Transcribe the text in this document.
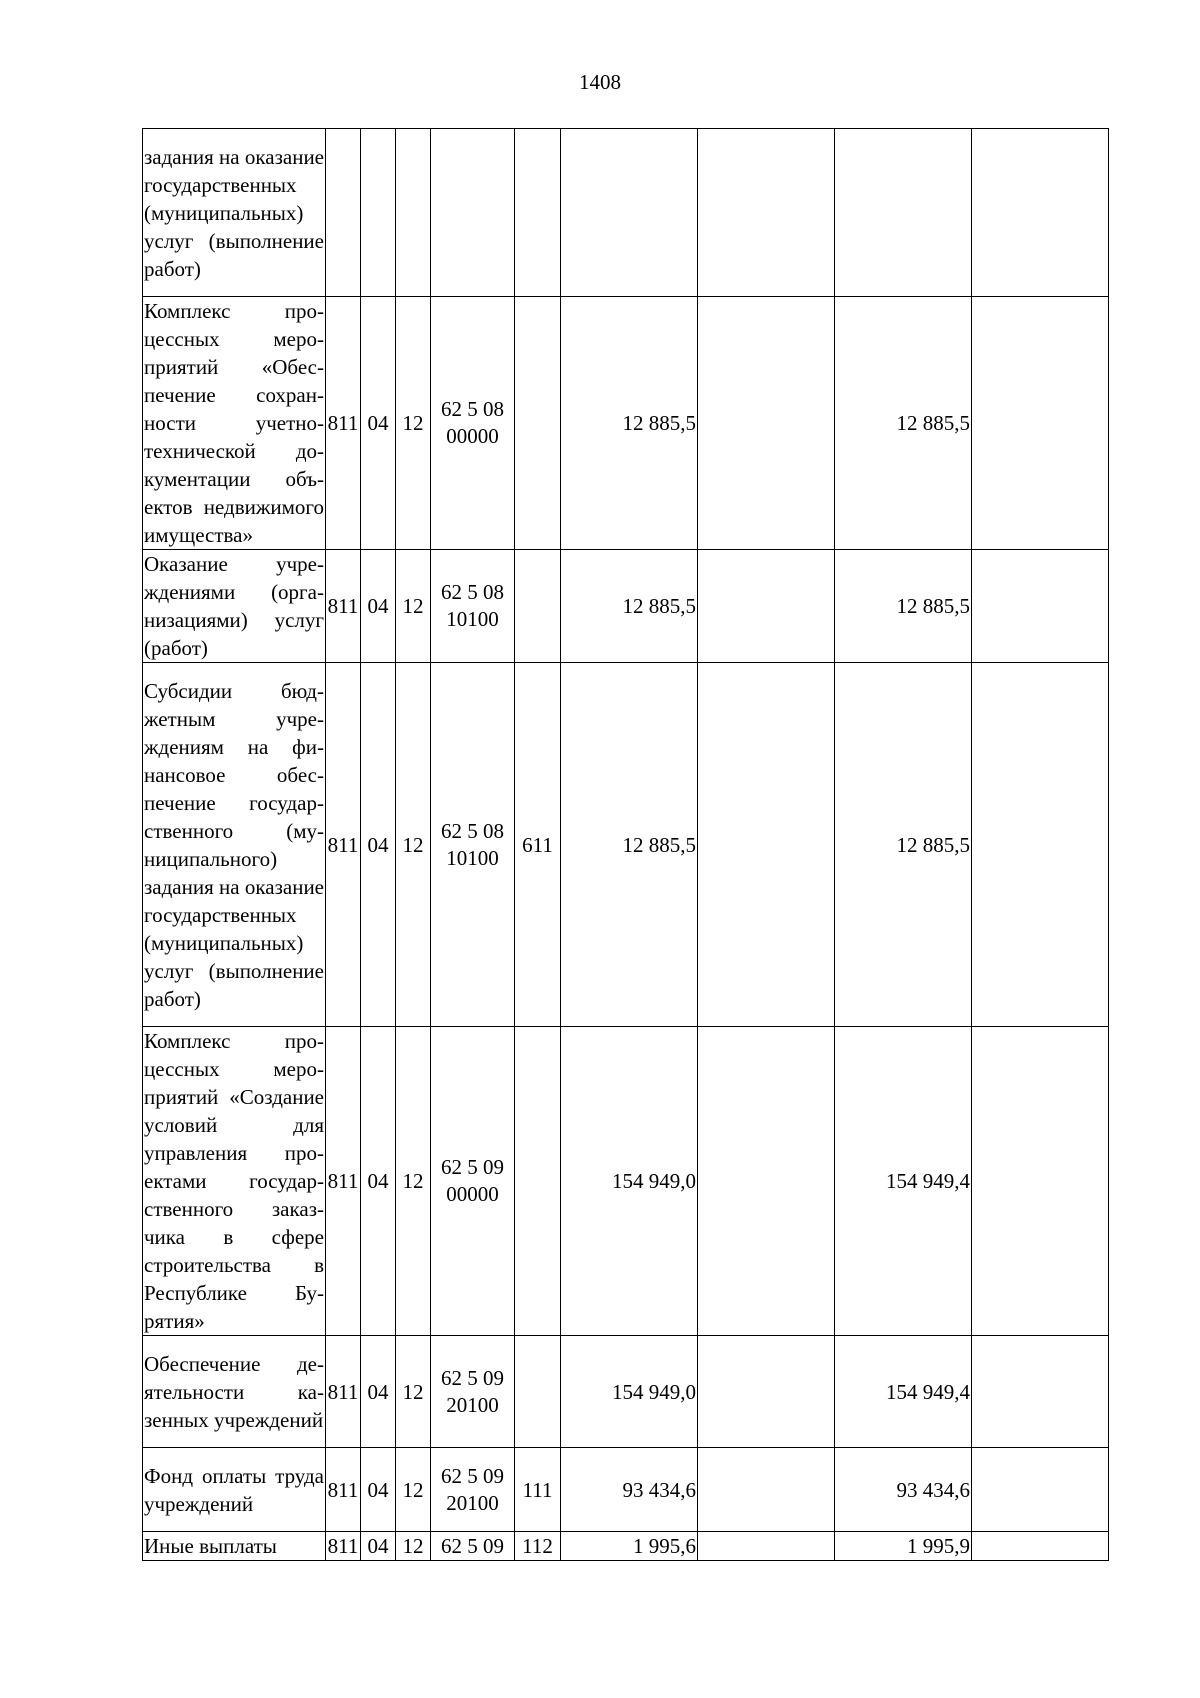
1408
задания на оказание государственных (муниципальных) услуг (выполнение работ)									
Комплекс процессных мероприятий «Обеспечение сохранности учетно-технической документации объектов недвижимого имущества»	811	04	12	62 5 08 00000		12 885,5		12 885,5	
Оказание учреждениями (организациями) услуг (работ)	811	04	12	62 5 08 10100		12 885,5		12 885,5	
Субсидии бюджетным учреждениям на финансовое обеспечение государственного (муниципального) задания на оказание государственных (муниципальных) услуг (выполнение работ)	811	04	12	62 5 08 10100	611	12 885,5		12 885,5	
Комплекс процессных мероприятий «Создание условий для управления проектами государственного заказчика в сфере строительства в Республике Бурятия»	811	04	12	62 5 09 00000		154 949,0		154 949,4	
Обеспечение деятельности казенных учреждений	811	04	12	62 5 09 20100		154 949,0		154 949,4	
Фонд оплаты труда учреждений	811	04	12	62 5 09 20100	111	93 434,6		93 434,6	
Иные выплаты	811	04	12	62 5 09	112	1 995,6		1 995,9	
